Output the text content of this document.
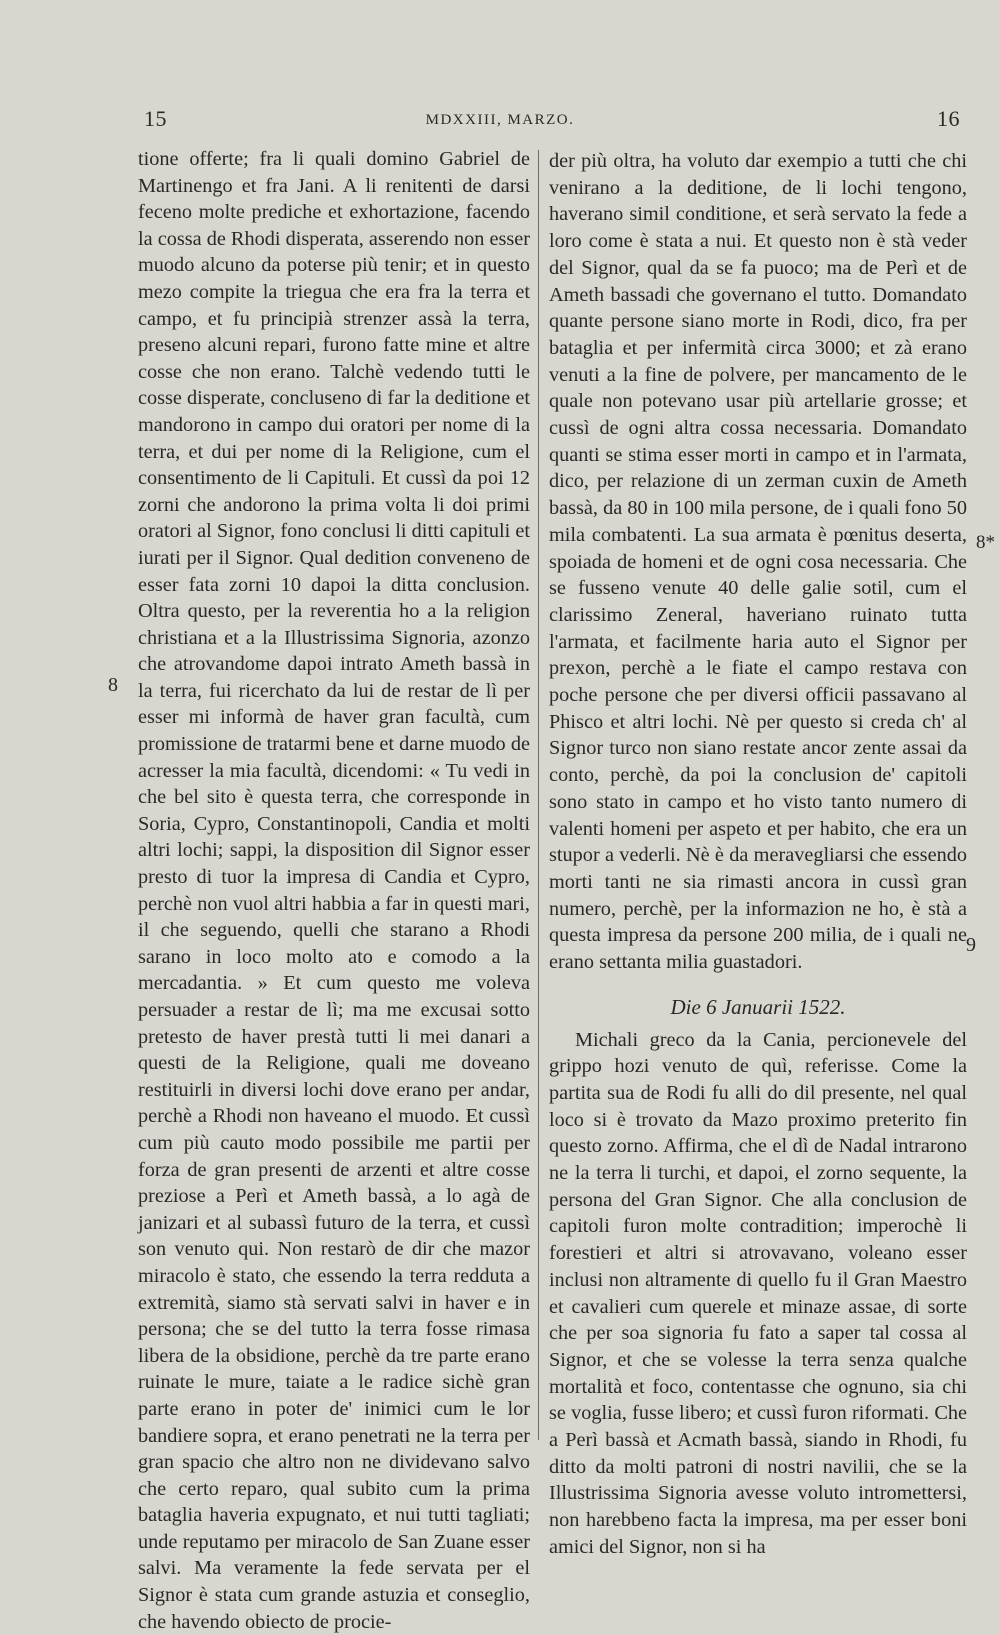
15	MDXXIII, MARZO.	16

tione offerte; fra li quali domino Gabriel de Martinengo et fra Jani. A li renitenti de darsi feceno molte prediche et exhortazione, facendo la cossa de Rhodi disperata, asserendo non esser muodo alcuno da poterse più tenir; et in questo mezo compite la triegua che era fra la terra et campo, et fu principià strenzer assà la terra, preseno alcuni repari, furono fatte mine et altre cosse che non erano. Talchè vedendo tutti le cosse disperate, concluseno di far la deditione et mandorono in campo dui oratori per nome di la terra, et dui per nome di la Religione, cum el consentimento de li Capituli. Et cussì da poi 12 zorni che andorono la prima volta li doi primi oratori al Signor, fono conclusi li ditti capituli et iurati per il Signor. Qual dedition conveneno de esser fata zorni 10 dapoi la ditta conclusion. Oltra questo, per la reverentia ho a la religion christiana et a la Illustrissima Signoria, azonzo che atrovandome dapoi intrato Ameth bassà in la terra, fui ricerchato da lui de restar de lì per esser mi informà de haver gran facultà, cum promissione de tratarmi bene et darne muodo de acresser la mia facultà, dicendomi: « Tu vedi in che bel sito è questa terra, che corresponde in Soria, Cypro, Constantinopoli, Candia et molti altri lochi; sappi, la disposition dil Signor esser presto di tuor la impresa di Candia et Cypro, perchè non vuol altri habbia a far in questi mari, il che seguendo, quelli che starano a Rhodi sarano in loco molto ato e comodo a la mercadantia. » Et cum questo me voleva persuader a restar de lì; ma me excusai sotto pretesto de haver prestà tutti li mei danari a questi de la Religione, quali me doveano restituirli in diversi lochi dove erano per andar, perchè a Rhodi non haveano el muodo. Et cussì cum più cauto modo possibile me partii per forza de gran presenti de arzenti et altre cosse preziose a Perì et Ameth bassà, a lo agà de janizari et al subassì futuro de la terra, et cussì son venuto qui. Non restarò de dir che mazor miracolo è stato, che essendo la terra redduta a extremità, siamo stà servati salvi in haver e in persona; che se del tutto la terra fosse rimasa libera de la obsidione, perchè da tre parte erano ruinate le mure, taiate a le radice sichè gran parte erano in poter de' inimici cum le lor bandiere sopra, et erano penetrati ne la terra per gran spacio che altro non ne dividevano salvo che certo reparo, qual subito cum la prima bataglia haveria expugnato, et nui tutti tagliati; unde reputamo per miracolo de San Zuane esser salvi. Ma veramente la fede servata per el Signor è stata cum grande astuzia et conseglio, che havendo obiecto de procie-

der più oltra, ha voluto dar exempio a tutti che chi venirano a la deditione, de li lochi tengono, haverano simil conditione, et serà servato la fede a loro come è stata a nui. Et questo non è stà veder del Signor, qual da se fa puoco; ma de Perì et de Ameth bassadi che governano el tutto. Domandato quante persone siano morte in Rodi, dico, fra per bataglia et per infermità circa 3000; et zà erano venuti a la fine de polvere, per mancamento de le quale non potevano usar più artellarie grosse; et cussì de ogni altra cossa necessaria. Domandato quanti se stima esser morti in campo et in l'armata, dico, per relazione di un zerman cuxin de Ameth bassà, da 80 in 100 mila persone, de i quali fono 50 mila combatenti. La sua armata è pœnitus deserta, spoiada de homeni et de ogni cosa necessaria. Che se fusseno venute 40 delle galie sotil, cum el clarissimo Zeneral, haveriano ruinato tutta l'armata, et facilmente haria auto el Signor per prexon, perchè a le fiate el campo restava con poche persone che per diversi officii passavano al Phisco et altri lochi. Nè per questo si creda ch' al Signor turco non siano restate ancor zente assai da conto, perchè, da poi la conclusion de' capitoli sono stato in campo et ho visto tanto numero di valenti homeni per aspeto et per habito, che era un stupor a vederli. Nè è da meravegliarsi che essendo morti tanti ne sia rimasti ancora in cussì gran numero, perchè, per la informazion ne ho, è stà a questa impresa da persone 200 milia, de i quali ne erano settanta milia guastadori.

Die 6 Januarii 1522.

Michali greco da la Cania, percionevele del grippo hozi venuto de quì, referisse. Come la partita sua de Rodi fu alli do dil presente, nel qual loco si è trovato da Mazo proximo preterito fin questo zorno. Affirma, che el dì de Nadal intrarono ne la terra li turchi, et dapoi, el zorno sequente, la persona del Gran Signor. Che alla conclusion de capitoli furon molte contradition; imperochè li forestieri et altri si atrovavano, voleano esser inclusi non altramente di quello fu il Gran Maestro et cavalieri cum querele et minaze assae, di sorte che per soa signoria fu fato a saper tal cossa al Signor, et che se volesse la terra senza qualche mortalità et foco, contentasse che ognuno, sia chi se voglia, fusse libero; et cussì furon riformati. Che a Perì bassà et Acmath bassà, siando in Rhodi, fu ditto da molti patroni di nostri navilii, che se la Illustrissima Signoria avesse voluto intromettersi, non harebbeno facta la impresa, ma per esser boni amici del Signor, non si ha

8
8*
9
